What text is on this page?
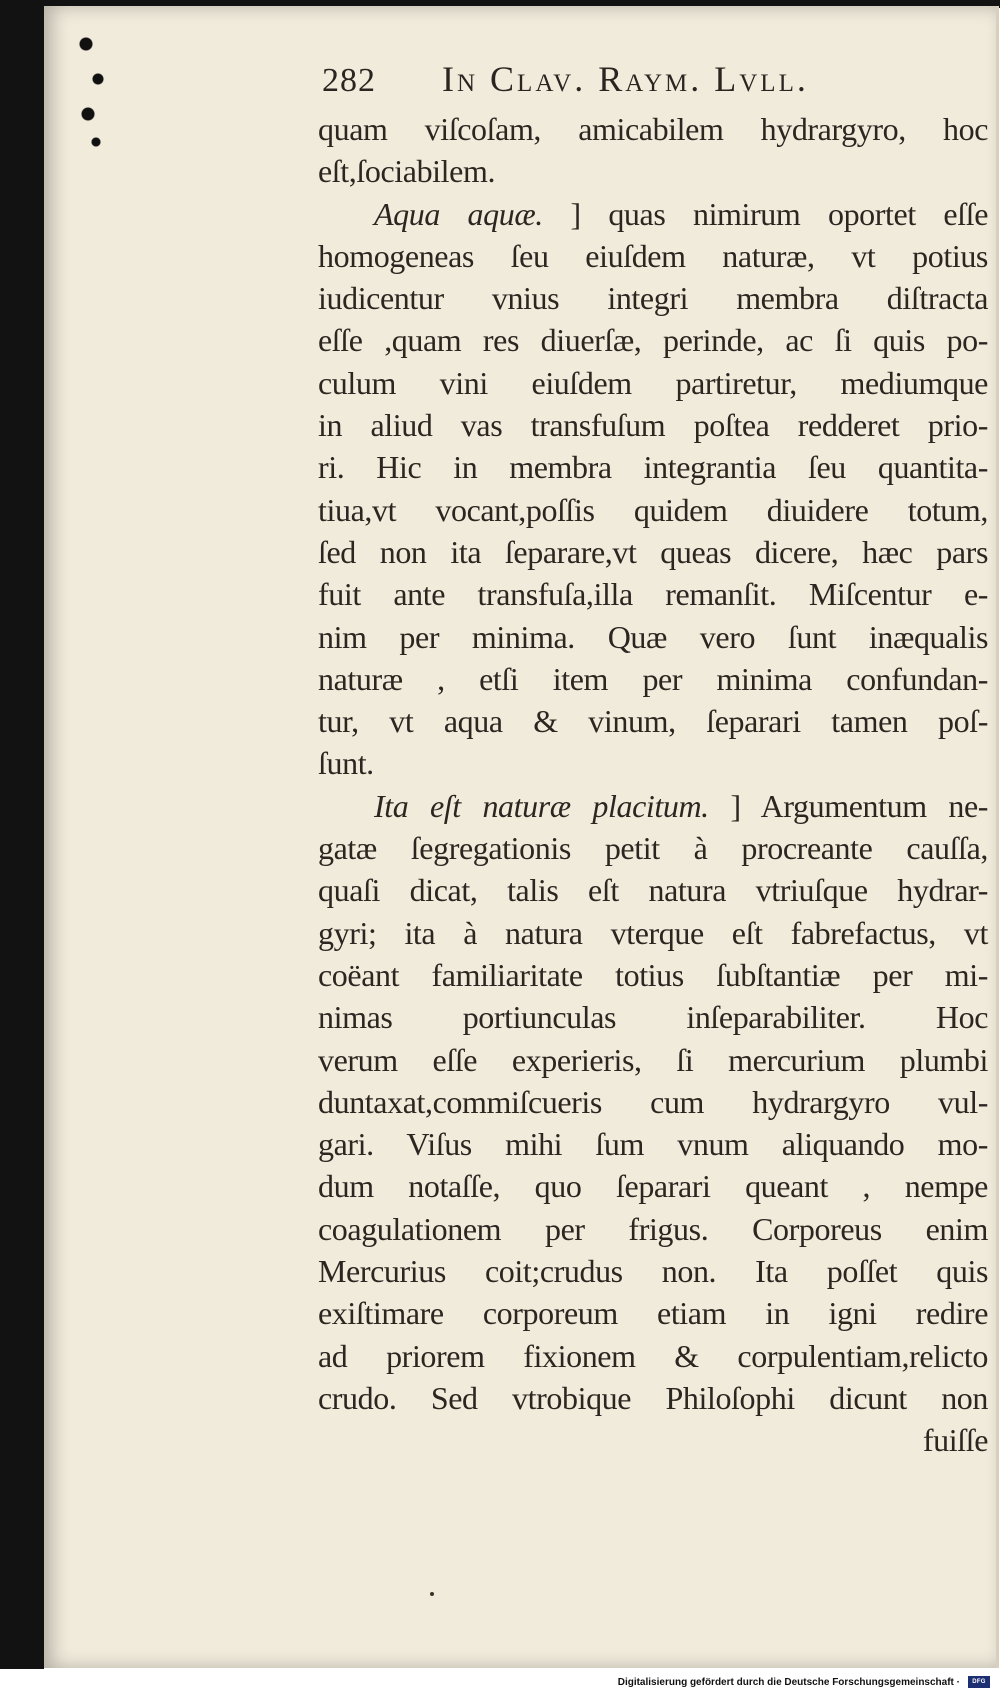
282 In Clav. Raym. Lvll.
quam viſcoſam, amicabilem hydrargyro, hoc
eſt,ſociabilem.
Aqua aquæ. ] quas nimirum oportet eſſe
homogeneas ſeu eiuſdem naturæ, vt potius
iudicentur vnius integri membra diſtracta
eſſe ,quam res diuerſæ, perinde, ac ſi quis po-
culum vini eiuſdem partiretur, mediumque
in aliud vas transfuſum poſtea redderet prio-
ri. Hic in membra integrantia ſeu quantita-
tiua,vt vocant,poſſis quidem diuidere totum,
ſed non ita ſeparare,vt queas dicere, hæc pars
fuit ante transfuſa,illa remanſit. Miſcentur e-
nim per minima. Quæ vero ſunt inæqualis
naturæ , etſi item per minima confundan-
tur, vt aqua & vinum, ſeparari tamen poſ-
ſunt.
Ita eſt naturæ placitum. ] Argumentum ne-
gatæ ſegregationis petit à procreante cauſſa,
quaſi dicat, talis eſt natura vtriuſque hydrar-
gyri; ita à natura vterque eſt fabrefactus, vt
coëant familiaritate totius ſubſtantiæ per mi-
nimas portiunculas inſeparabiliter. Hoc
verum eſſe experieris, ſi mercurium plumbi
duntaxat,commiſcueris cum hydrargyro vul-
gari. Viſus mihi ſum vnum aliquando mo-
dum notaſſe, quo ſeparari queant , nempe
coagulationem per frigus. Corporeus enim
Mercurius coit;crudus non. Ita poſſet quis
exiſtimare corporeum etiam in igni redire
ad priorem fixionem & corpulentiam,relicto
crudo. Sed vtrobique Philoſophi dicunt non
fuiſſe
Digitalisierung gefördert durch die Deutsche Forschungsgemeinschaft ·	DFG
